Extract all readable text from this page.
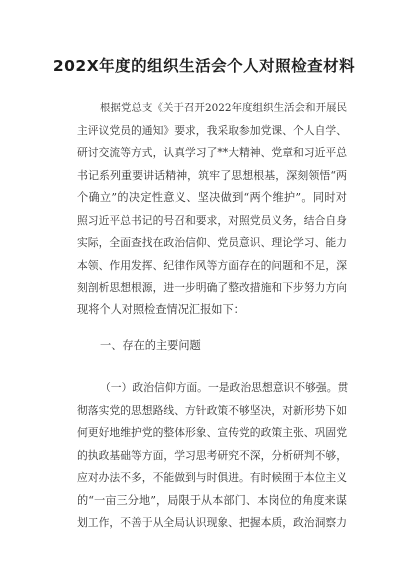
202X年度的组织生活会个人对照检查材料

根据党总支《关于召开2022年度组织生活会和开展民

主评议党员的通知》要求，我采取参加党课、个人自学、

研讨交流等方式，认真学习了**大精神、党章和习近平总

书记系列重要讲话精神，筑牢了思想根基，深刻领悟“两

个确立”的决定性意义、坚决做到“两个维护”。同时对

照习近平总书记的号召和要求，对照党员义务，结合自身

实际，全面查找在政治信仰、党员意识、理论学习、能力

本领、作用发挥、纪律作风等方面存在的问题和不足，深

刻剖析思想根源，进一步明确了整改措施和下步努力方向

现将个人对照检查情况汇报如下：

一、存在的主要问题

（一）政治信仰方面。一是政治思想意识不够强。贯

彻落实党的思想路线、方针政策不够坚决，对新形势下如

何更好地维护党的整体形象、宣传党的政策主张、巩固党

的执政基础等方面，学习思考研究不深，分析研判不够，

应对办法不多，不能做到与时俱进。有时候囿于本位主义

的“一亩三分地”，局限于从本部门、本岗位的角度来谋

划工作，不善于从全局认识现象、把握本质，政治洞察力
